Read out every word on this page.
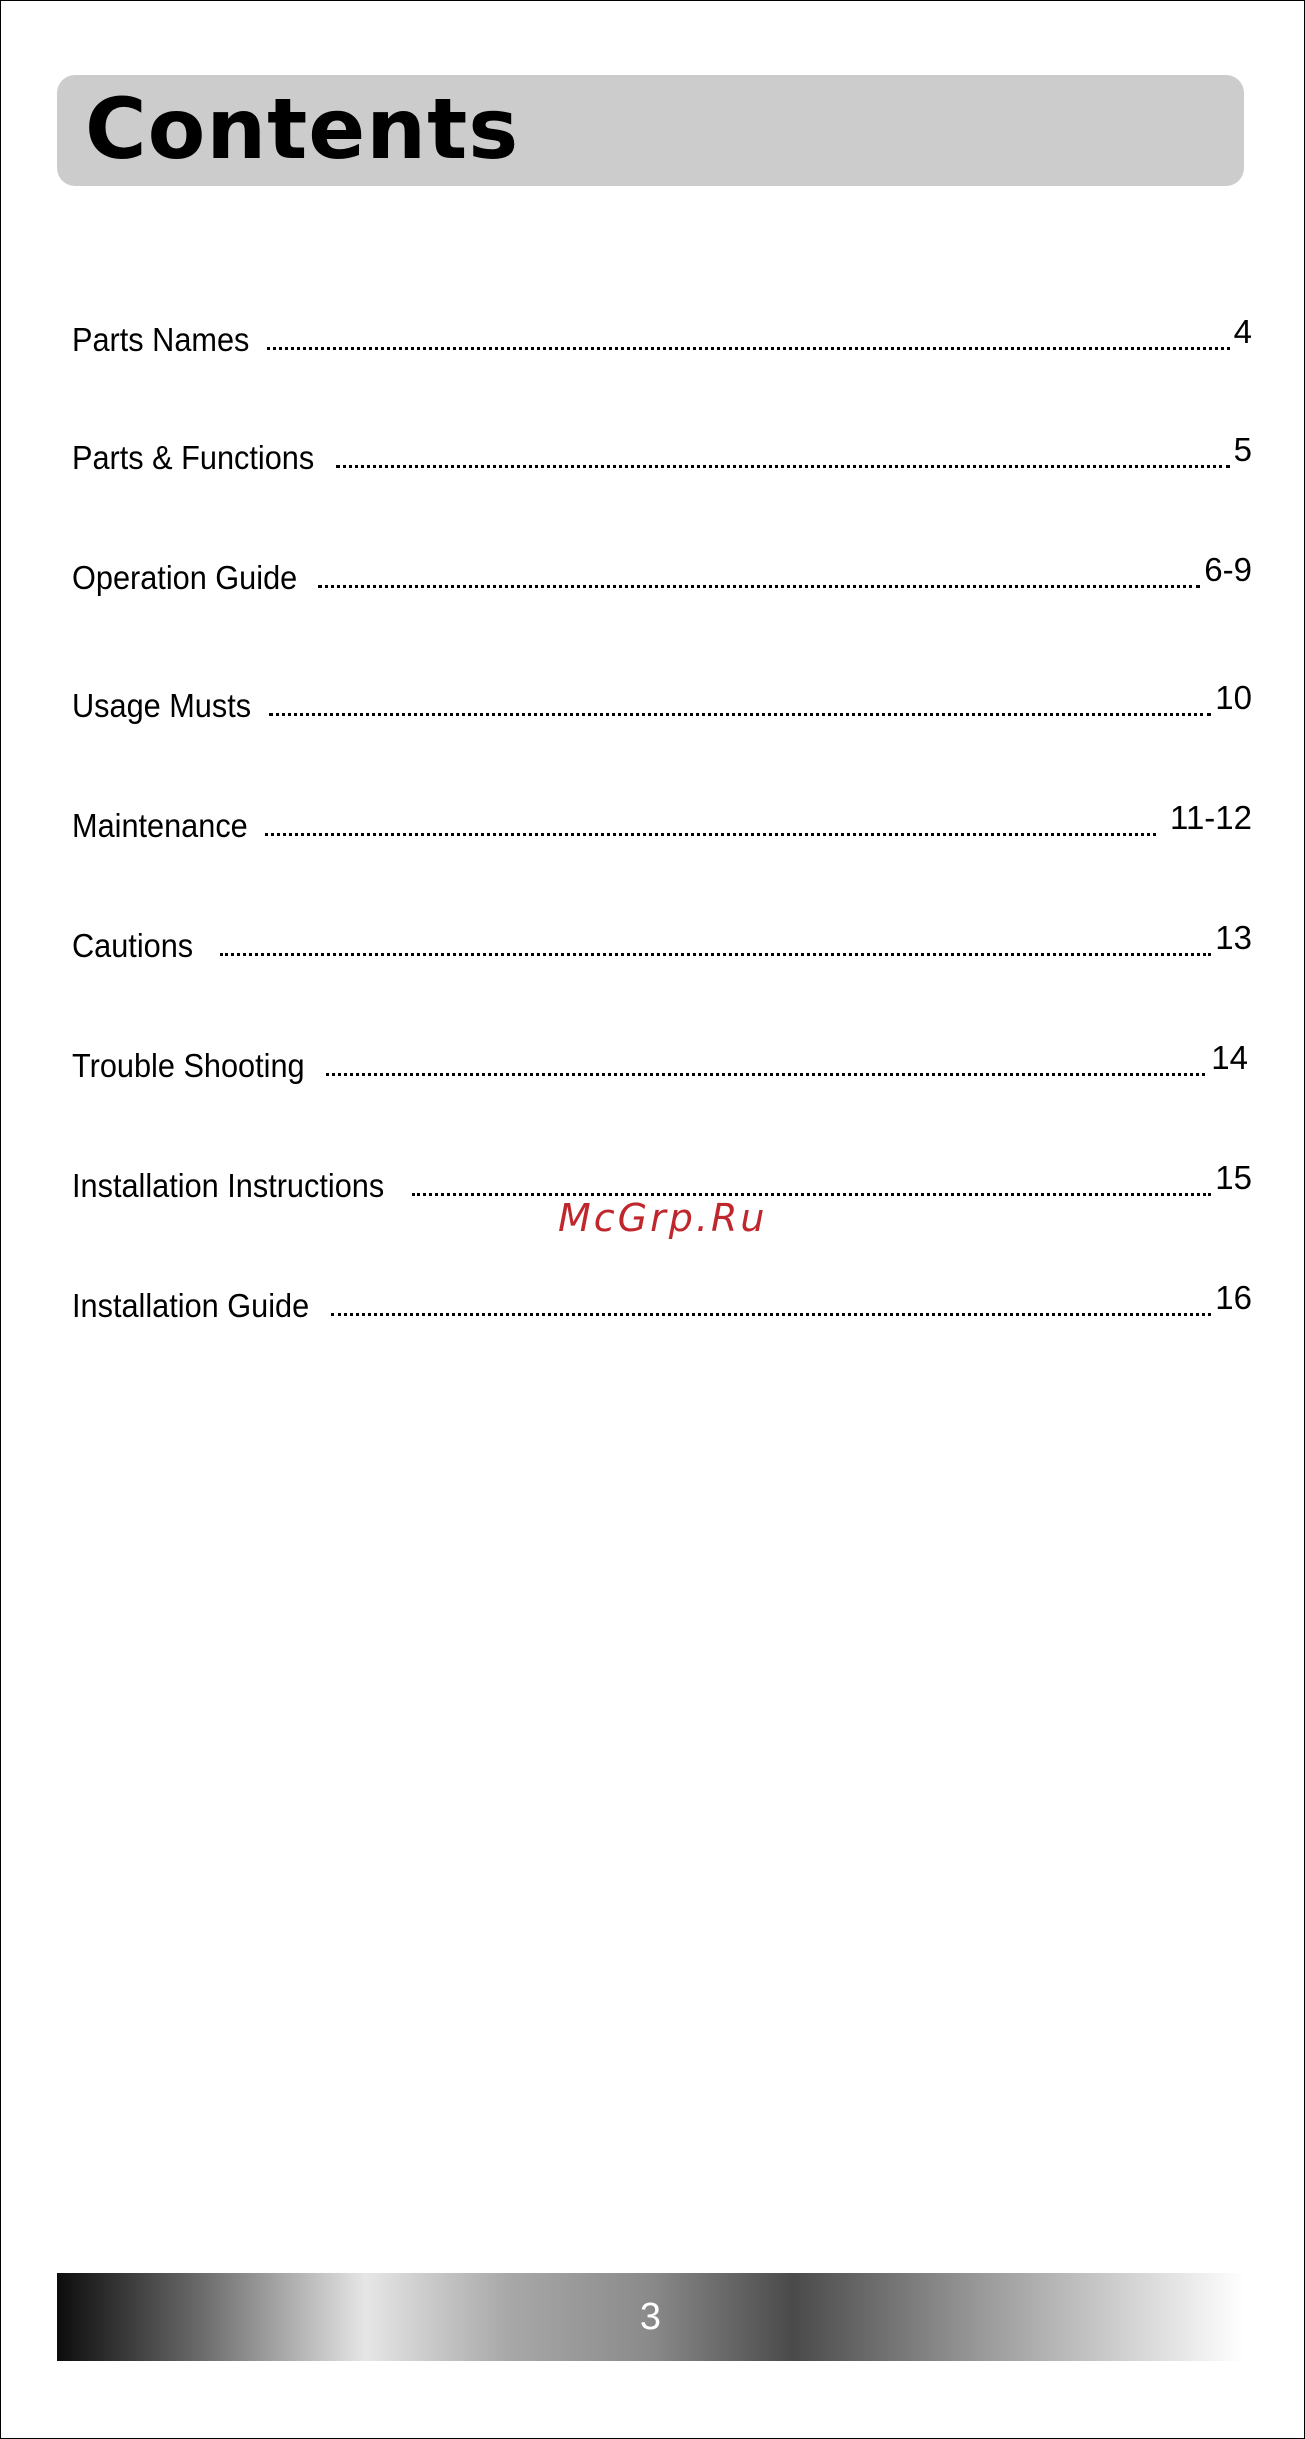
Contents
Parts Names	4
Parts & Functions	5
Operation Guide	6-9
Usage Musts	10
Maintenance	11-12
Cautions	13
Trouble Shooting	14
Installation Instructions	15
Installation Guide	16
McGrp.Ru
3
